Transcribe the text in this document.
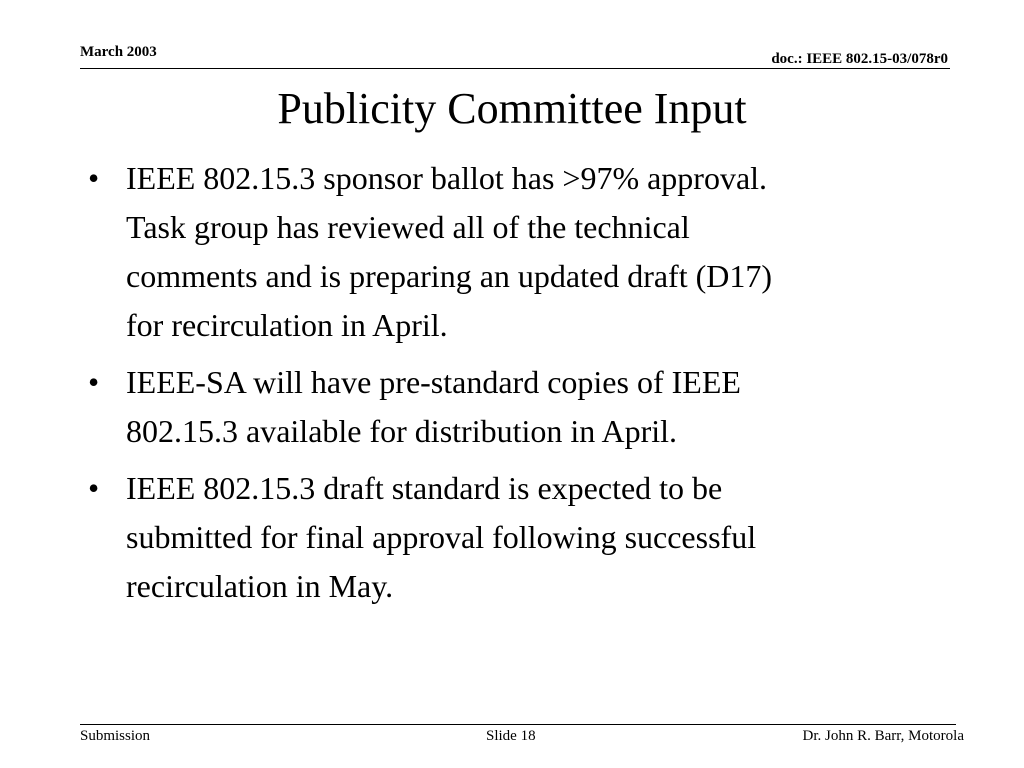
March 2003	doc.: IEEE 802.15-03/078r0
Publicity Committee Input
• IEEE 802.15.3 sponsor ballot has >97% approval.
Task group has reviewed all of the technical
comments and is preparing an updated draft (D17)
for recirculation in April.
• IEEE-SA will have pre-standard copies of IEEE
802.15.3 available for distribution in April.
• IEEE 802.15.3 draft standard is expected to be
submitted for final approval following successful
recirculation in May.
Submission	Slide 18	Dr. John R. Barr, Motorola
